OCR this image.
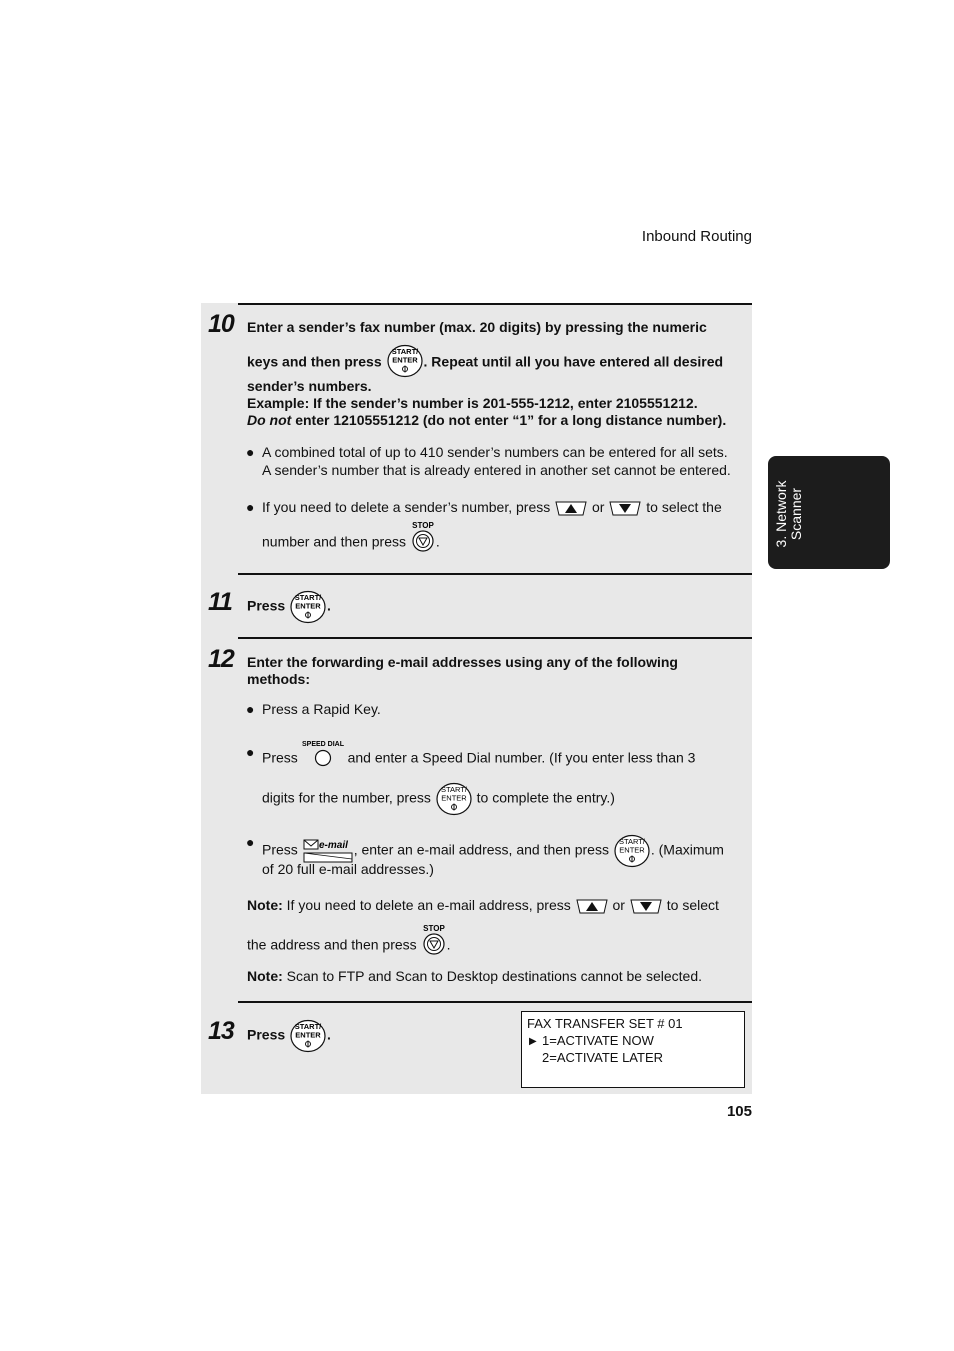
Inbound Routing
3. Network
Scanner
10 Enter a sender’s fax number (max. 20 digits) by pressing the numeric
keys and then press
START/
ENTER . Repeat until all you have entered all desired
sender’s numbers.
Example: If the sender’s number is 201-555-1212, enter 2105551212.
Do not enter 12105551212 (do not enter “1” for a long distance number).
● A combined total of up to 410 sender’s numbers can be entered for all sets.
A sender’s number that is already entered in another set cannot be entered.
● If you need to delete a sender’s number, press	or	to select the
number and then press
STOP
.
11 Press
START/
ENTER .
12 Enter the forwarding e-mail addresses using any of the following
methods:
● Press a Rapid Key.
● Press
SPEED DIAL
and enter a Speed Dial number. (If you enter less than 3
digits for the number, press
START/
ENTER to complete the entry.)
● Press e-mail , enter an e-mail address, and then press
START/
ENTER . (Maximum
of 20 full e-mail addresses.)
Note: If you need to delete an e-mail address, press	or	to select
the address and then press
STOP
.
Note: Scan to FTP and Scan to Desktop destinations cannot be selected.
13 Press
START/
ENTER .
FAX TRANSFER SET # 01
▶ 1=ACTIVATE NOW
2=ACTIVATE LATER
105
